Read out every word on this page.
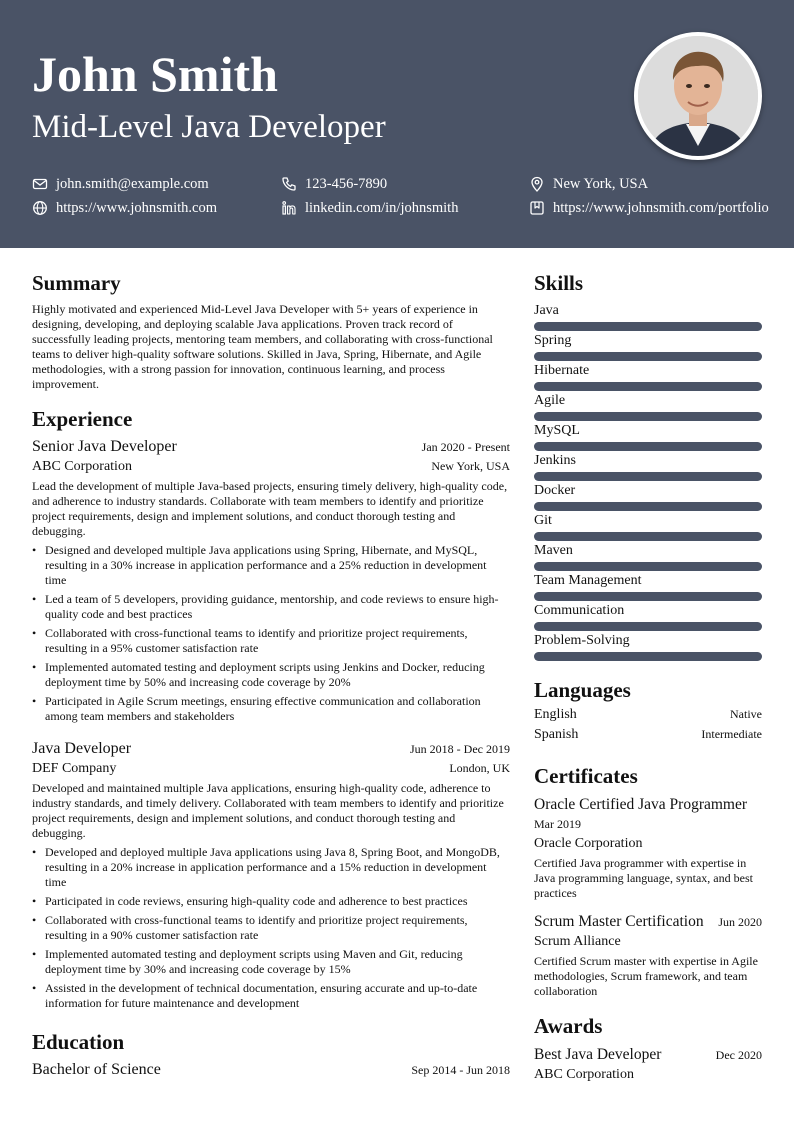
John Smith
Mid-Level Java Developer
john.smith@example.com	123-456-7890	New York, USA
https://www.johnsmith.com	linkedin.com/in/johnsmith	https://www.johnsmith.com/portfolio
Summary

Highly motivated and experienced Mid-Level Java Developer with 5+ years of experience in designing, developing, and deploying scalable Java applications. Proven track record of successfully leading projects, mentoring team members, and collaborating with cross-functional teams to deliver high-quality software solutions. Skilled in Java, Spring, Hibernate, and Agile methodologies, with a strong passion for innovation, continuous learning, and process improvement.

Experience
Senior Java Developer	Jan 2020 - Present
ABC Corporation	New York, USA

Lead the development of multiple Java-based projects, ensuring timely delivery, high-quality code, and adherence to industry standards. Collaborate with team members to identify and prioritize project requirements, design and implement solutions, and conduct thorough testing and debugging.

• Designed and developed multiple Java applications using Spring, Hibernate, and MySQL, resulting in a 30% increase in application performance and a 25% reduction in development time
• Led a team of 5 developers, providing guidance, mentorship, and code reviews to ensure high-quality code and best practices
• Collaborated with cross-functional teams to identify and prioritize project requirements, resulting in a 95% customer satisfaction rate
• Implemented automated testing and deployment scripts using Jenkins and Docker, reducing deployment time by 50% and increasing code coverage by 20%
• Participated in Agile Scrum meetings, ensuring effective communication and collaboration among team members and stakeholders
Java Developer	Jun 2018 - Dec 2019
DEF Company	London, UK

Developed and maintained multiple Java applications, ensuring high-quality code, adherence to industry standards, and timely delivery. Collaborated with team members to identify and prioritize project requirements, design and implement solutions, and conduct thorough testing and debugging.

• Developed and deployed multiple Java applications using Java 8, Spring Boot, and MongoDB, resulting in a 20% increase in application performance and a 15% reduction in development time
• Participated in code reviews, ensuring high-quality code and adherence to best practices
• Collaborated with cross-functional teams to identify and prioritize project requirements, resulting in a 90% customer satisfaction rate
• Implemented automated testing and deployment scripts using Maven and Git, reducing deployment time by 30% and increasing code coverage by 15%
• Assisted in the development of technical documentation, ensuring accurate and up-to-date information for future maintenance and development
Education
Bachelor of Science	Sep 2014 - Jun 2018
Skills
Java
Spring
Hibernate
Agile
MySQL
Jenkins
Docker
Git
Maven
Team Management
Communication
Problem-Solving
Languages
English	Native
Spanish	Intermediate
Certificates
Oracle Certified Java Programmer
Mar 2019
Oracle Corporation

Certified Java programmer with expertise in Java programming language, syntax, and best practices

Scrum Master Certification Jun 2020
Scrum Alliance

Certified Scrum master with expertise in Agile methodologies, Scrum framework, and team collaboration

Awards
Best Java Developer	Dec 2020
ABC Corporation
